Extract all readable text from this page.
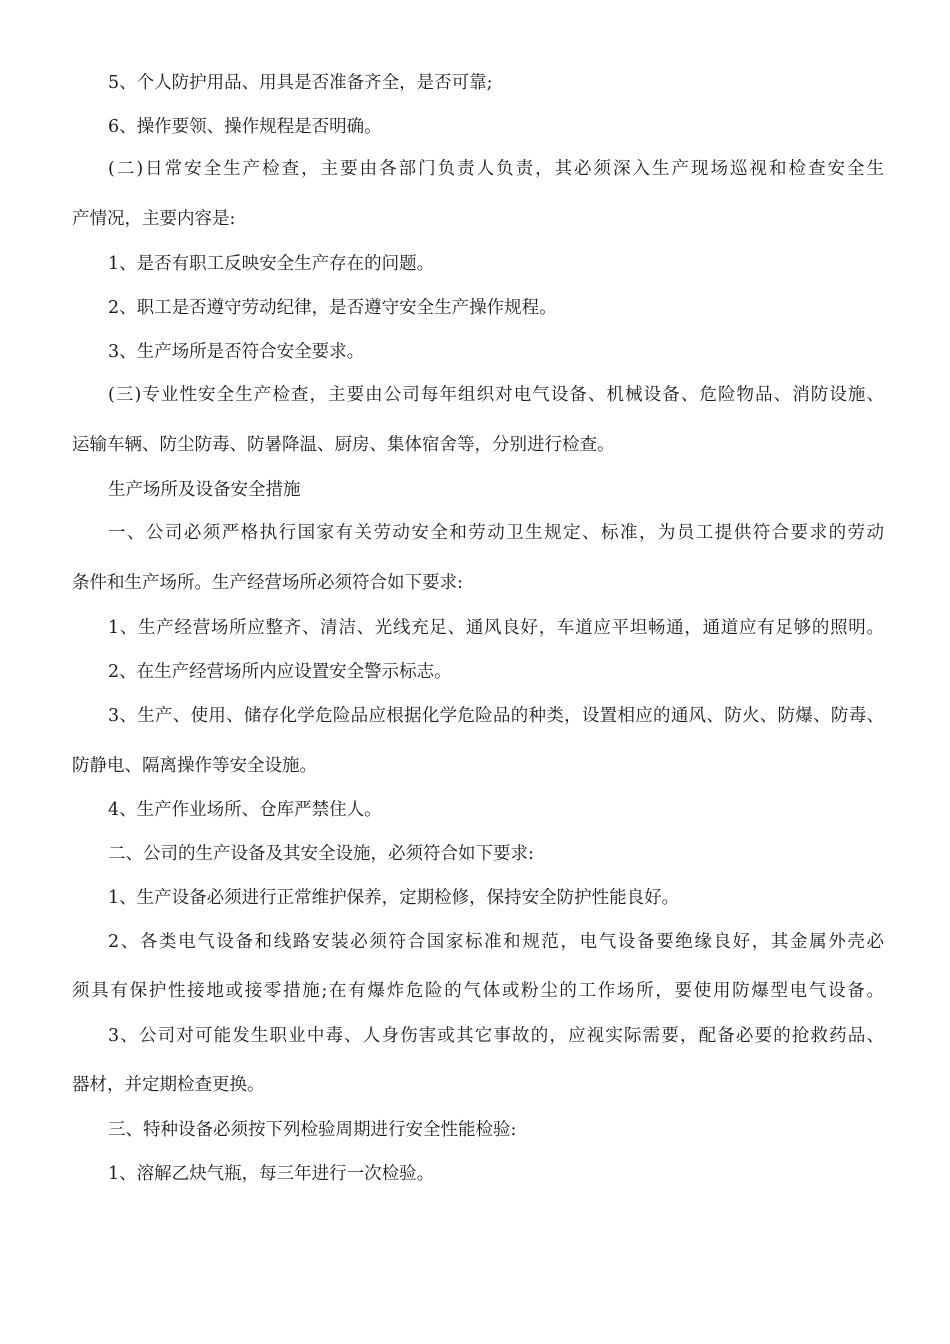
5、个人防护用品、用具是否准备齐全，是否可靠;
6、操作要领、操作规程是否明确。
(二)日常安全生产检查，主要由各部门负责人负责，其必须深入生产现场巡视和检查安全生
产情况，主要内容是:
1、是否有职工反映安全生产存在的问题。
2、职工是否遵守劳动纪律，是否遵守安全生产操作规程。
3、生产场所是否符合安全要求。
(三)专业性安全生产检查，主要由公司每年组织对电气设备、机械设备、危险物品、消防设施、
运输车辆、防尘防毒、防暑降温、厨房、集体宿舍等，分别进行检查。
生产场所及设备安全措施
一、公司必须严格执行国家有关劳动安全和劳动卫生规定、标准，为员工提供符合要求的劳动
条件和生产场所。生产经营场所必须符合如下要求:
1、生产经营场所应整齐、清洁、光线充足、通风良好，车道应平坦畅通，通道应有足够的照明。
2、在生产经营场所内应设置安全警示标志。
3、生产、使用、储存化学危险品应根据化学危险品的种类，设置相应的通风、防火、防爆、防毒、
防静电、隔离操作等安全设施。
4、生产作业场所、仓库严禁住人。
二、公司的生产设备及其安全设施，必须符合如下要求:
1、生产设备必须进行正常维护保养，定期检修，保持安全防护性能良好。
2、各类电气设备和线路安装必须符合国家标准和规范，电气设备要绝缘良好，其金属外壳必
须具有保护性接地或接零措施;在有爆炸危险的气体或粉尘的工作场所，要使用防爆型电气设备。
3、公司对可能发生职业中毒、人身伤害或其它事故的，应视实际需要，配备必要的抢救药品、
器材，并定期检查更换。
三、特种设备必须按下列检验周期进行安全性能检验:
1、溶解乙炔气瓶，每三年进行一次检验。
